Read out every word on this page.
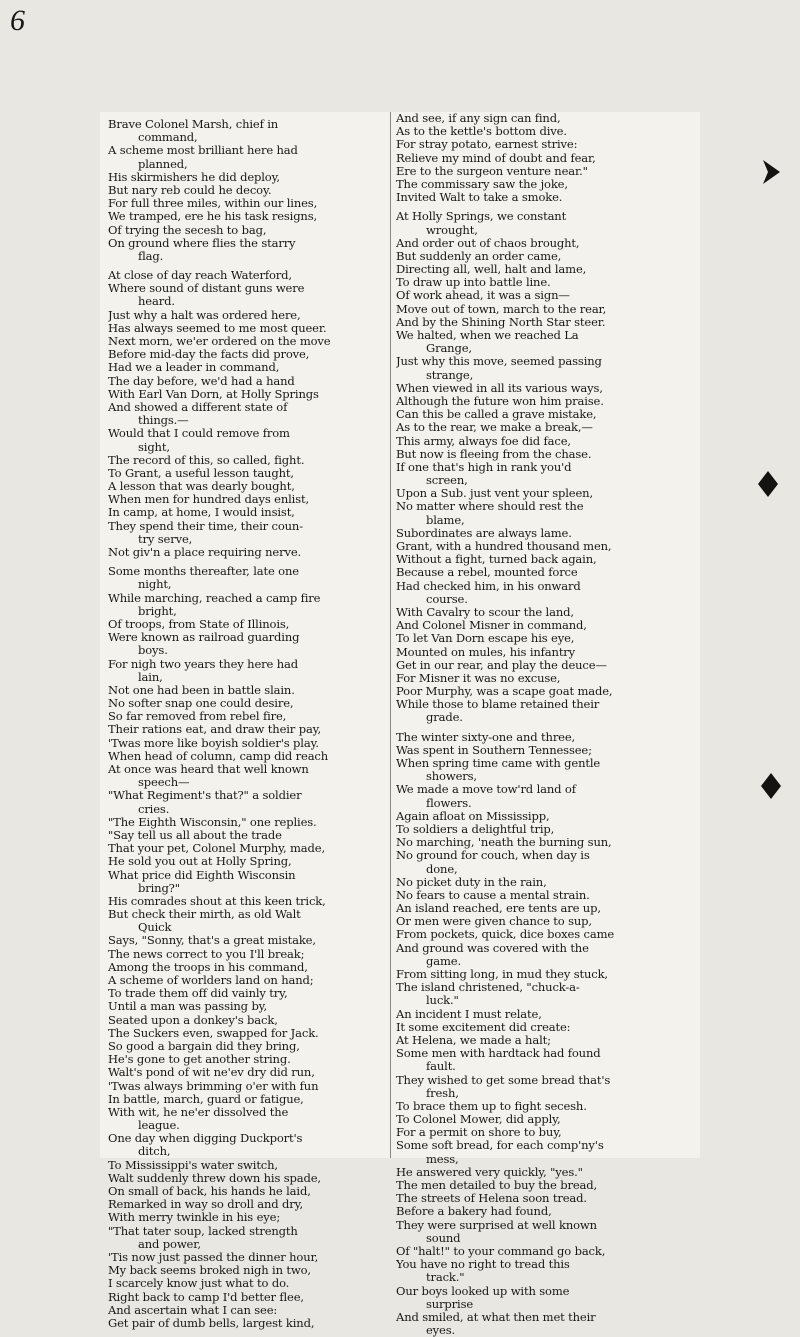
6
Brave Colonel Marsh, chief in
command,
A scheme most brilliant here had
planned,
His skirmishers he did deploy,
But nary reb could he decoy.
For full three miles, within our lines,
We tramped, ere he his task resigns,
Of trying the secesh to bag,
On ground where flies the starry
flag.
At close of day reach Waterford,
Where sound of distant guns were
heard.
Just why a halt was ordered here,
Has always seemed to me most queer.
Next morn, we'er ordered on the move
Before mid-day the facts did prove,
Had we a leader in command,
The day before, we'd had a hand
With Earl Van Dorn, at Holly Springs
And showed a different state of
things.—
Would that I could remove from
sight,
The record of this, so called, fight.
To Grant, a useful lesson taught,
A lesson that was dearly bought,
When men for hundred days enlist,
In camp, at home, I would insist,
They spend their time, their coun-
try serve,
Not giv'n a place requiring nerve.
Some months thereafter, late one
night,
While marching, reached a camp fire
bright,
Of troops, from State of Illinois,
Were known as railroad guarding
boys.
For nigh two years they here had
lain,
Not one had been in battle slain.
No softer snap one could desire,
So far removed from rebel fire,
Their rations eat, and draw their pay,
'Twas more like boyish soldier's play.
When head of column, camp did reach
At once was heard that well known
speech—
"What Regiment's that?" a soldier
cries.
"The Eighth Wisconsin," one replies.
"Say tell us all about the trade
That your pet, Colonel Murphy, made,
He sold you out at Holly Spring,
What price did Eighth Wisconsin
bring?"
His comrades shout at this keen trick,
But check their mirth, as old Walt
Quick
Says, "Sonny, that's a great mistake,
The news correct to you I'll break;
Among the troops in his command,
A scheme of worlders land on hand;
To trade them off did vainly try,
Until a man was passing by,
Seated upon a donkey's back,
The Suckers even, swapped for Jack.
So good a bargain did they bring,
He's gone to get another string.
Walt's pond of wit ne'ev dry did run,
'Twas always brimming o'er with fun
In battle, march, guard or fatigue,
With wit, he ne'er dissolved the
league.
One day when digging Duckport's
ditch,
To Mississippi's water switch,
Walt suddenly threw down his spade,
On small of back, his hands he laid,
Remarked in way so droll and dry,
With merry twinkle in his eye;
"That tater soup, lacked strength
and power,
'Tis now just passed the dinner hour,
My back seems broked nigh in two,
I scarcely know just what to do.
Right back to camp I'd better flee,
And ascertain what I can see:
Get pair of dumb bells, largest kind,
And see, if any sign can find,
As to the kettle's bottom dive.
For stray potato, earnest strive:
Relieve my mind of doubt and fear,
Ere to the surgeon venture near."
The commissary saw the joke,
Invited Walt to take a smoke.
At Holly Springs, we constant
wrought,
And order out of chaos brought,
But suddenly an order came,
Directing all, well, halt and lame,
To draw up into battle line.
Of work ahead, it was a sign—
Move out of town, march to the rear,
And by the Shining North Star steer.
We halted, when we reached La
Grange,
Just why this move, seemed passing
strange,
When viewed in all its various ways,
Although the future won him praise.
Can this be called a grave mistake,
As to the rear, we make a break,—
This army, always foe did face,
But now is fleeing from the chase.
If one that's high in rank you'd
screen,
Upon a Sub. just vent your spleen,
No matter where should rest the
blame,
Subordinates are always lame.
Grant, with a hundred thousand men,
Without a fight, turned back again,
Because a rebel, mounted force
Had checked him, in his onward
course.
With Cavalry to scour the land,
And Colonel Misner in command,
To let Van Dorn escape his eye,
Mounted on mules, his infantry
Get in our rear, and play the deuce—
For Misner it was no excuse,
Poor Murphy, was a scape goat made,
While those to blame retained their
grade.
The winter sixty-one and three,
Was spent in Southern Tennessee;
When spring time came with gentle
showers,
We made a move tow'rd land of
flowers.
Again afloat on Mississipp,
To soldiers a delightful trip,
No marching, 'neath the burning sun,
No ground for couch, when day is
done,
No picket duty in the rain,
No fears to cause a mental strain.
An island reached, ere tents are up,
Or men were given chance to sup,
From pockets, quick, dice boxes came
And ground was covered with the
game.
From sitting long, in mud they stuck,
The island christened, "chuck-a-
luck."
An incident I must relate,
It some excitement did create:
At Helena, we made a halt;
Some men with hardtack had found
fault.
They wished to get some bread that's
fresh,
To brace them up to fight secesh.
To Colonel Mower, did apply,
For a permit on shore to buy,
Some soft bread, for each comp'ny's
mess,
He answered very quickly, "yes."
The men detailed to buy the bread,
The streets of Helena soon tread.
Before a bakery had found,
They were surprised at well known
sound
Of "halt!" to your command go back,
You have no right to tread this
track."
Our boys looked up with some
surprise
And smiled, at what then met their
eyes.
